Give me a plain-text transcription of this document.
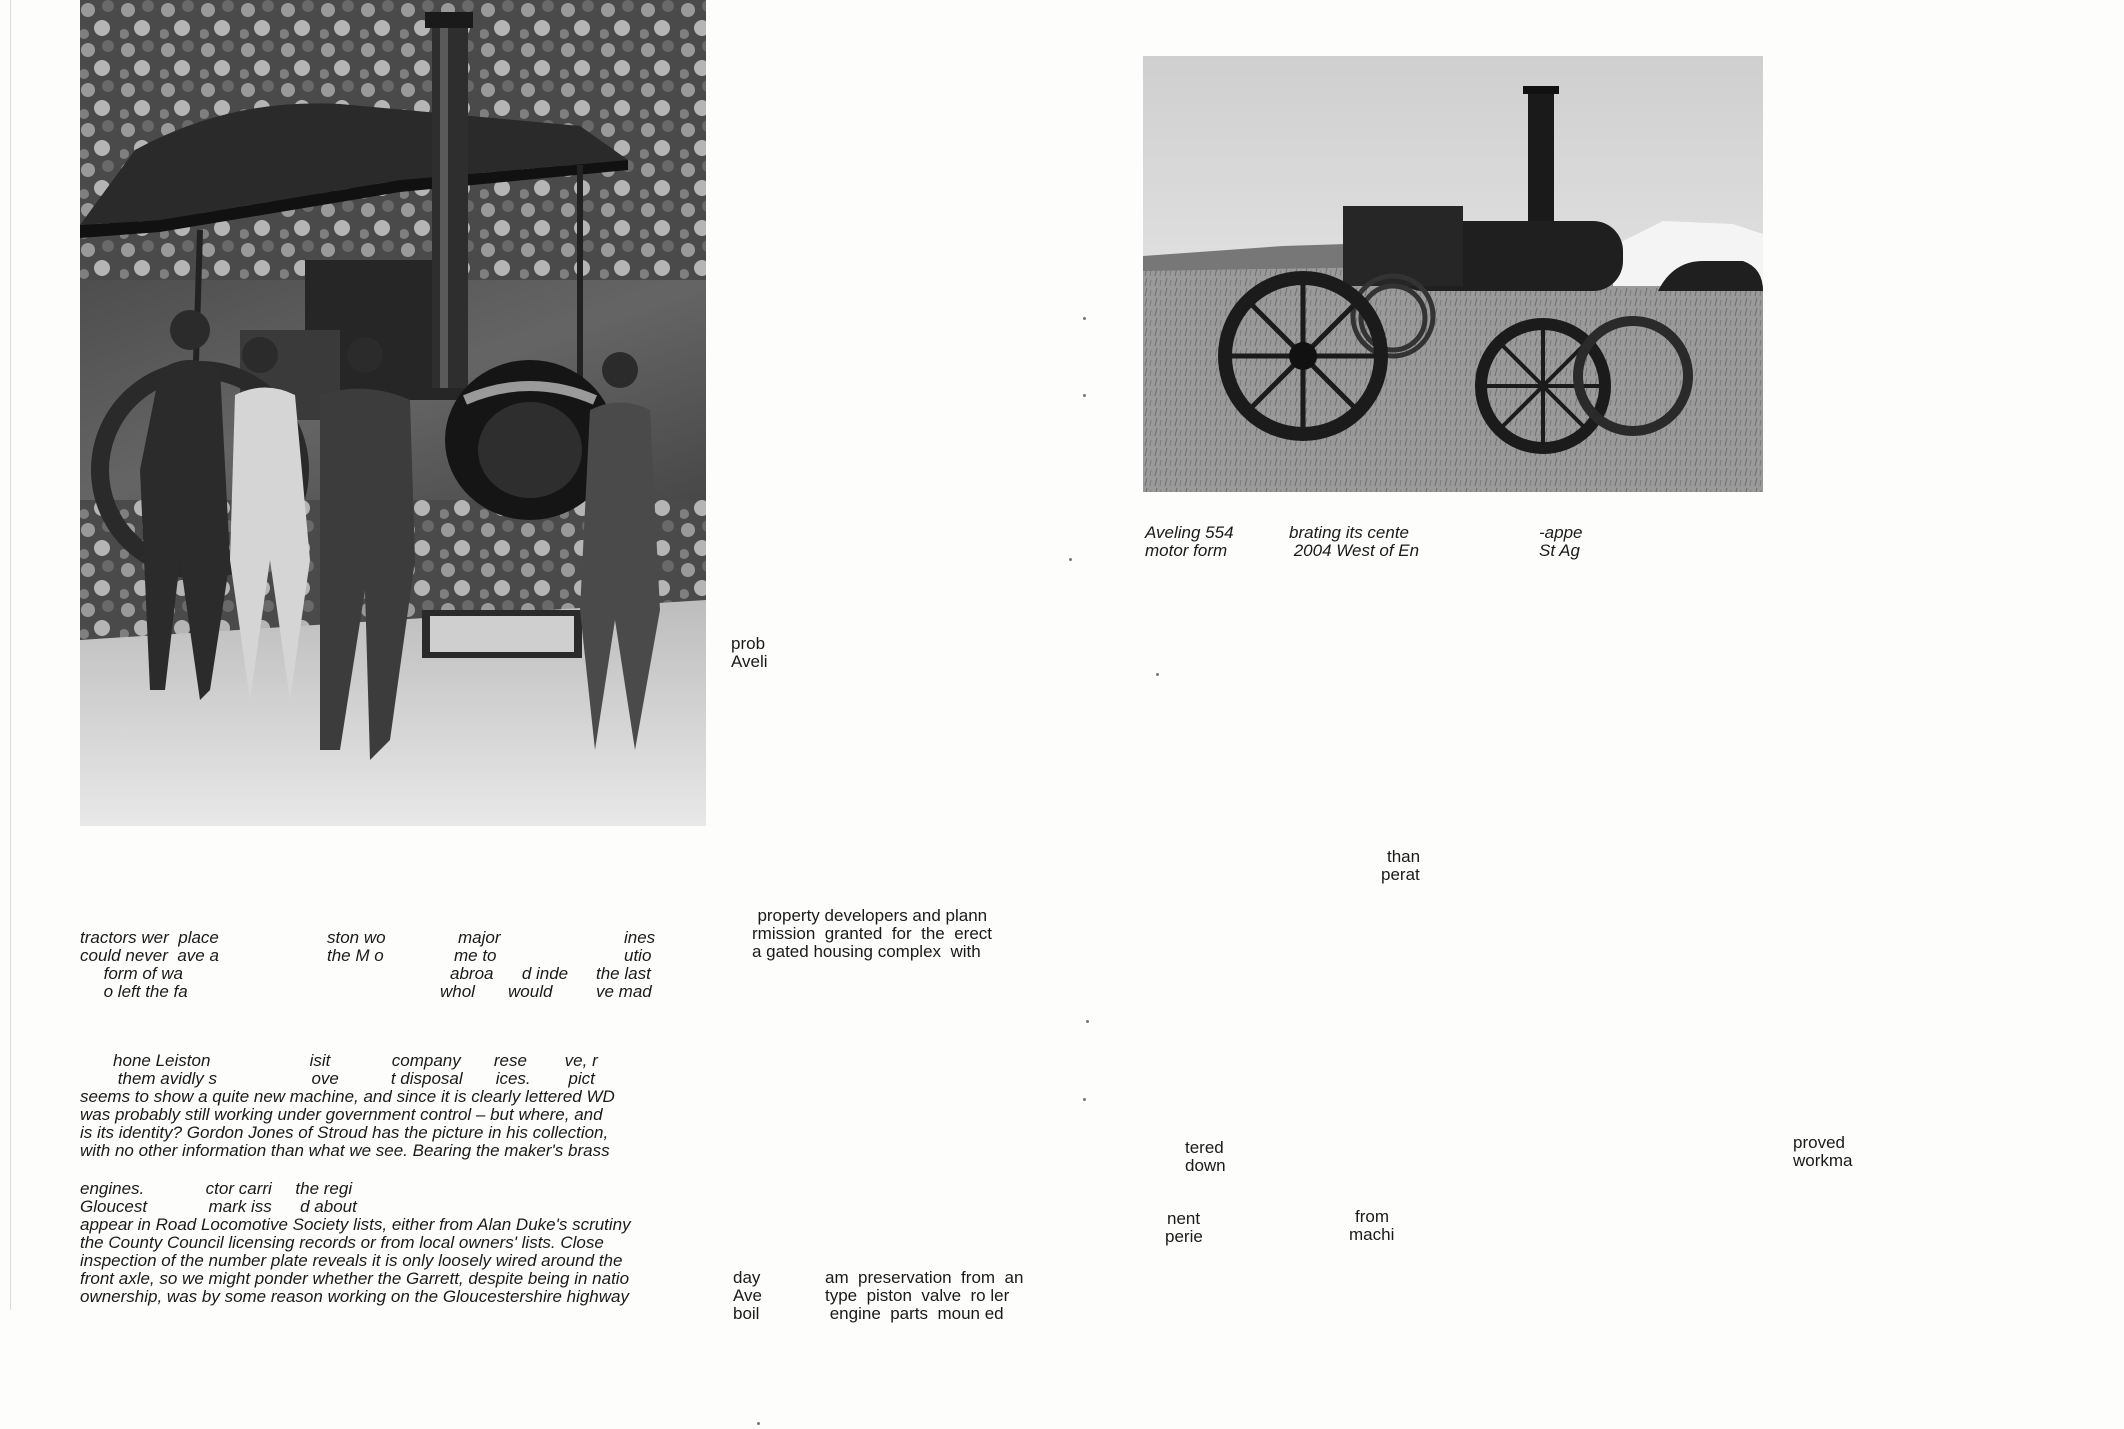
prob
Aveli
tractors wer  place	ston wo	major	ines
could never  ave a	the M o	me to	utio
form of wa	abroa      d inde the last
o left the fa	whol       would	ve mad
hone Leiston                     isit             company       rese        ve, r
them avidly s                    ove           t disposal       ices.        pict
seems to show a quite new machine, and since it is clearly lettered WD
was probably still working under government control – but where, and
is its identity? Gordon Jones of Stroud has the picture in his collection,
with no other information than what we see. Bearing the maker's brass
engines.             ctor carri     the regi
Gloucest             mark iss      d about
appear in Road Locomotive Society lists, either from Alan Duke's scrutiny
the County Council licensing records or from local owners' lists. Close
inspection of the number plate reveals it is only loosely wired around the
front axle, so we might ponder whether the Garrett, despite being in natio
ownership, was by some reason working on the Gloucestershire highway
property developers and plann
rmission  granted  for  the  erect
a gated housing complex  with
day
Ave
boil
am  preservation  from  an
type  piston  valve  ro ler
engine  parts  moun ed
Aveling 554
motor form
brating its cente
2004 West of En
-appe
St Ag
than
perat
tered
down
proved
workma
nent
perie
from
machi
